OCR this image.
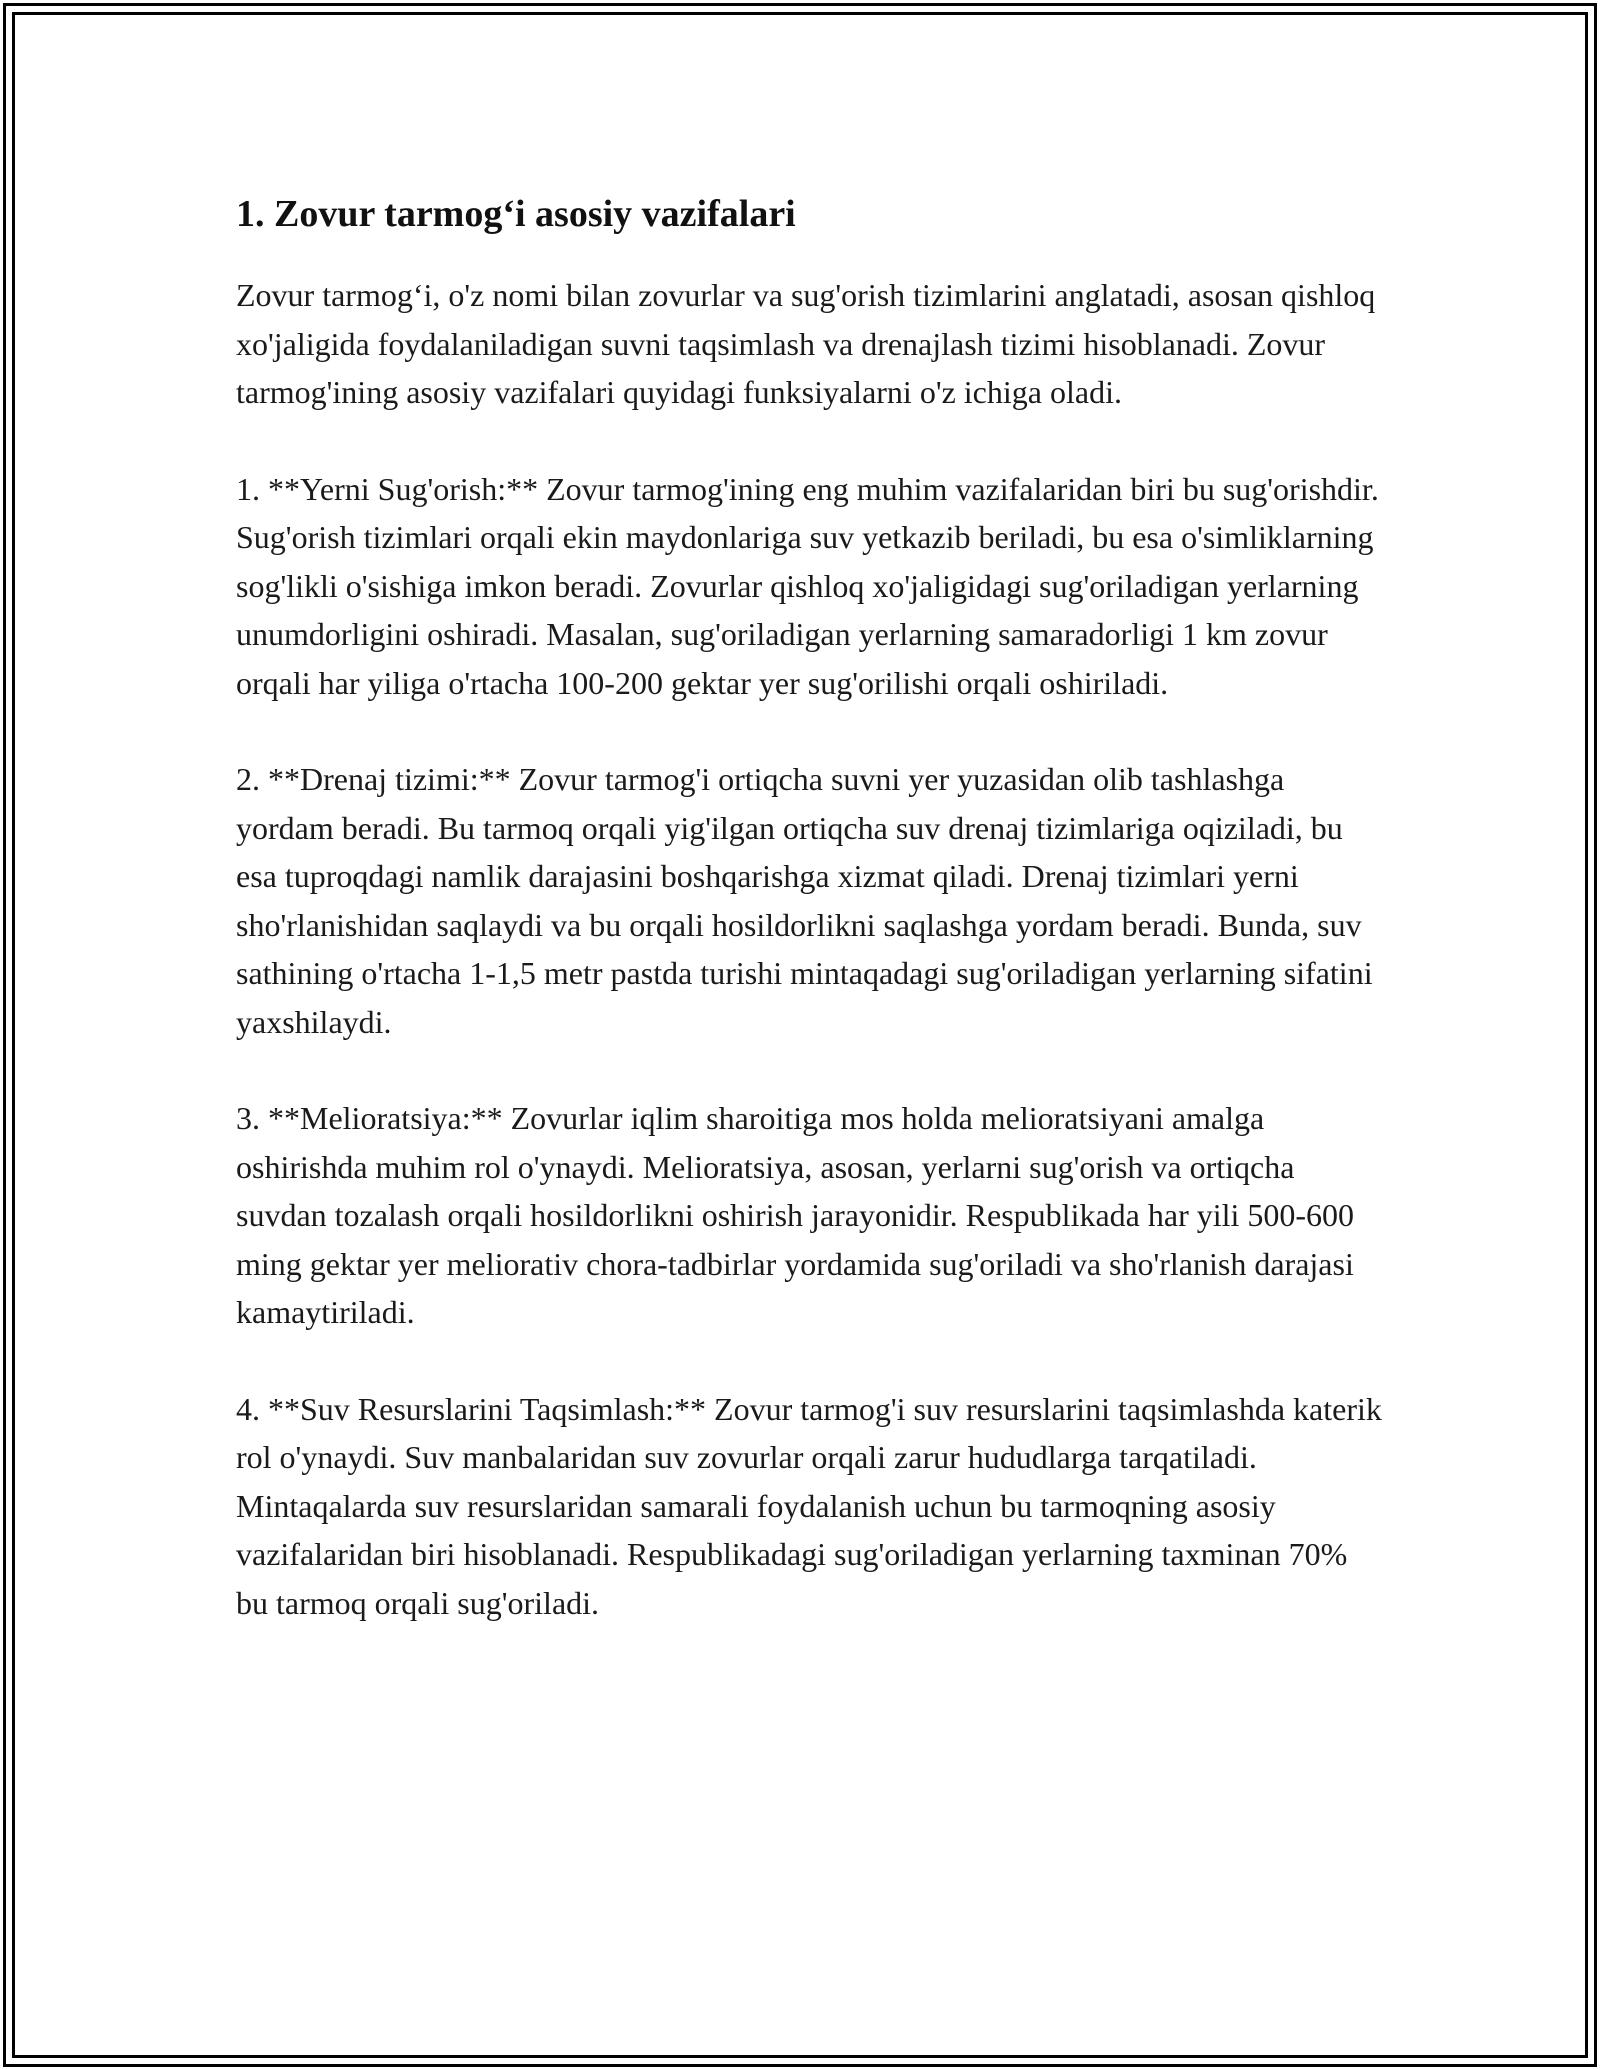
1. Zovur tarmog‘i asosiy vazifalari

Zovur tarmog‘i, o'z nomi bilan zovurlar va sug'orish tizimlarini anglatadi, asosan qishloq xo'jaligida foydalaniladigan suvni taqsimlash va drenajlash tizimi hisoblanadi. Zovur tarmog'ining asosiy vazifalari quyidagi funksiyalarni o'z ichiga oladi.

1. **Yerni Sug'orish:** Zovur tarmog'ining eng muhim vazifalaridan biri bu sug'orishdir. Sug'orish tizimlari orqali ekin maydonlariga suv yetkazib beriladi, bu esa o'simliklarning sog'likli o'sishiga imkon beradi. Zovurlar qishloq xo'jaligidagi sug'oriladigan yerlarning unumdorligini oshiradi. Masalan, sug'oriladigan yerlarning samaradorligi 1 km zovur orqali har yiliga o'rtacha 100-200 gektar yer sug'orilishi orqali oshiriladi.

2. **Drenaj tizimi:** Zovur tarmog'i ortiqcha suvni yer yuzasidan olib tashlashga yordam beradi. Bu tarmoq orqali yig'ilgan ortiqcha suv drenaj tizimlariga oqiziladi, bu esa tuproqdagi namlik darajasini boshqarishga xizmat qiladi. Drenaj tizimlari yerni sho'rlanishidan saqlaydi va bu orqali hosildorlikni saqlashga yordam beradi. Bunda, suv sathining o'rtacha 1-1,5 metr pastda turishi mintaqadagi sug'oriladigan yerlarning sifatini yaxshilaydi.

3. **Melioratsiya:** Zovurlar iqlim sharoitiga mos holda melioratsiyani amalga oshirishda muhim rol o'ynaydi. Melioratsiya, asosan, yerlarni sug'orish va ortiqcha suvdan tozalash orqali hosildorlikni oshirish jarayonidir. Respublikada har yili 500-600 ming gektar yer meliorativ chora-tadbirlar yordamida sug'oriladi va sho'rlanish darajasi kamaytiriladi.

4. **Suv Resurslarini Taqsimlash:** Zovur tarmog'i suv resurslarini taqsimlashda katerik rol o'ynaydi. Suv manbalaridan suv zovurlar orqali zarur hududlarga tarqatiladi. Mintaqalarda suv resurslaridan samarali foydalanish uchun bu tarmoqning asosiy vazifalaridan biri hisoblanadi. Respublikadagi sug'oriladigan yerlarning taxminan 70% bu tarmoq orqali sug'oriladi.
